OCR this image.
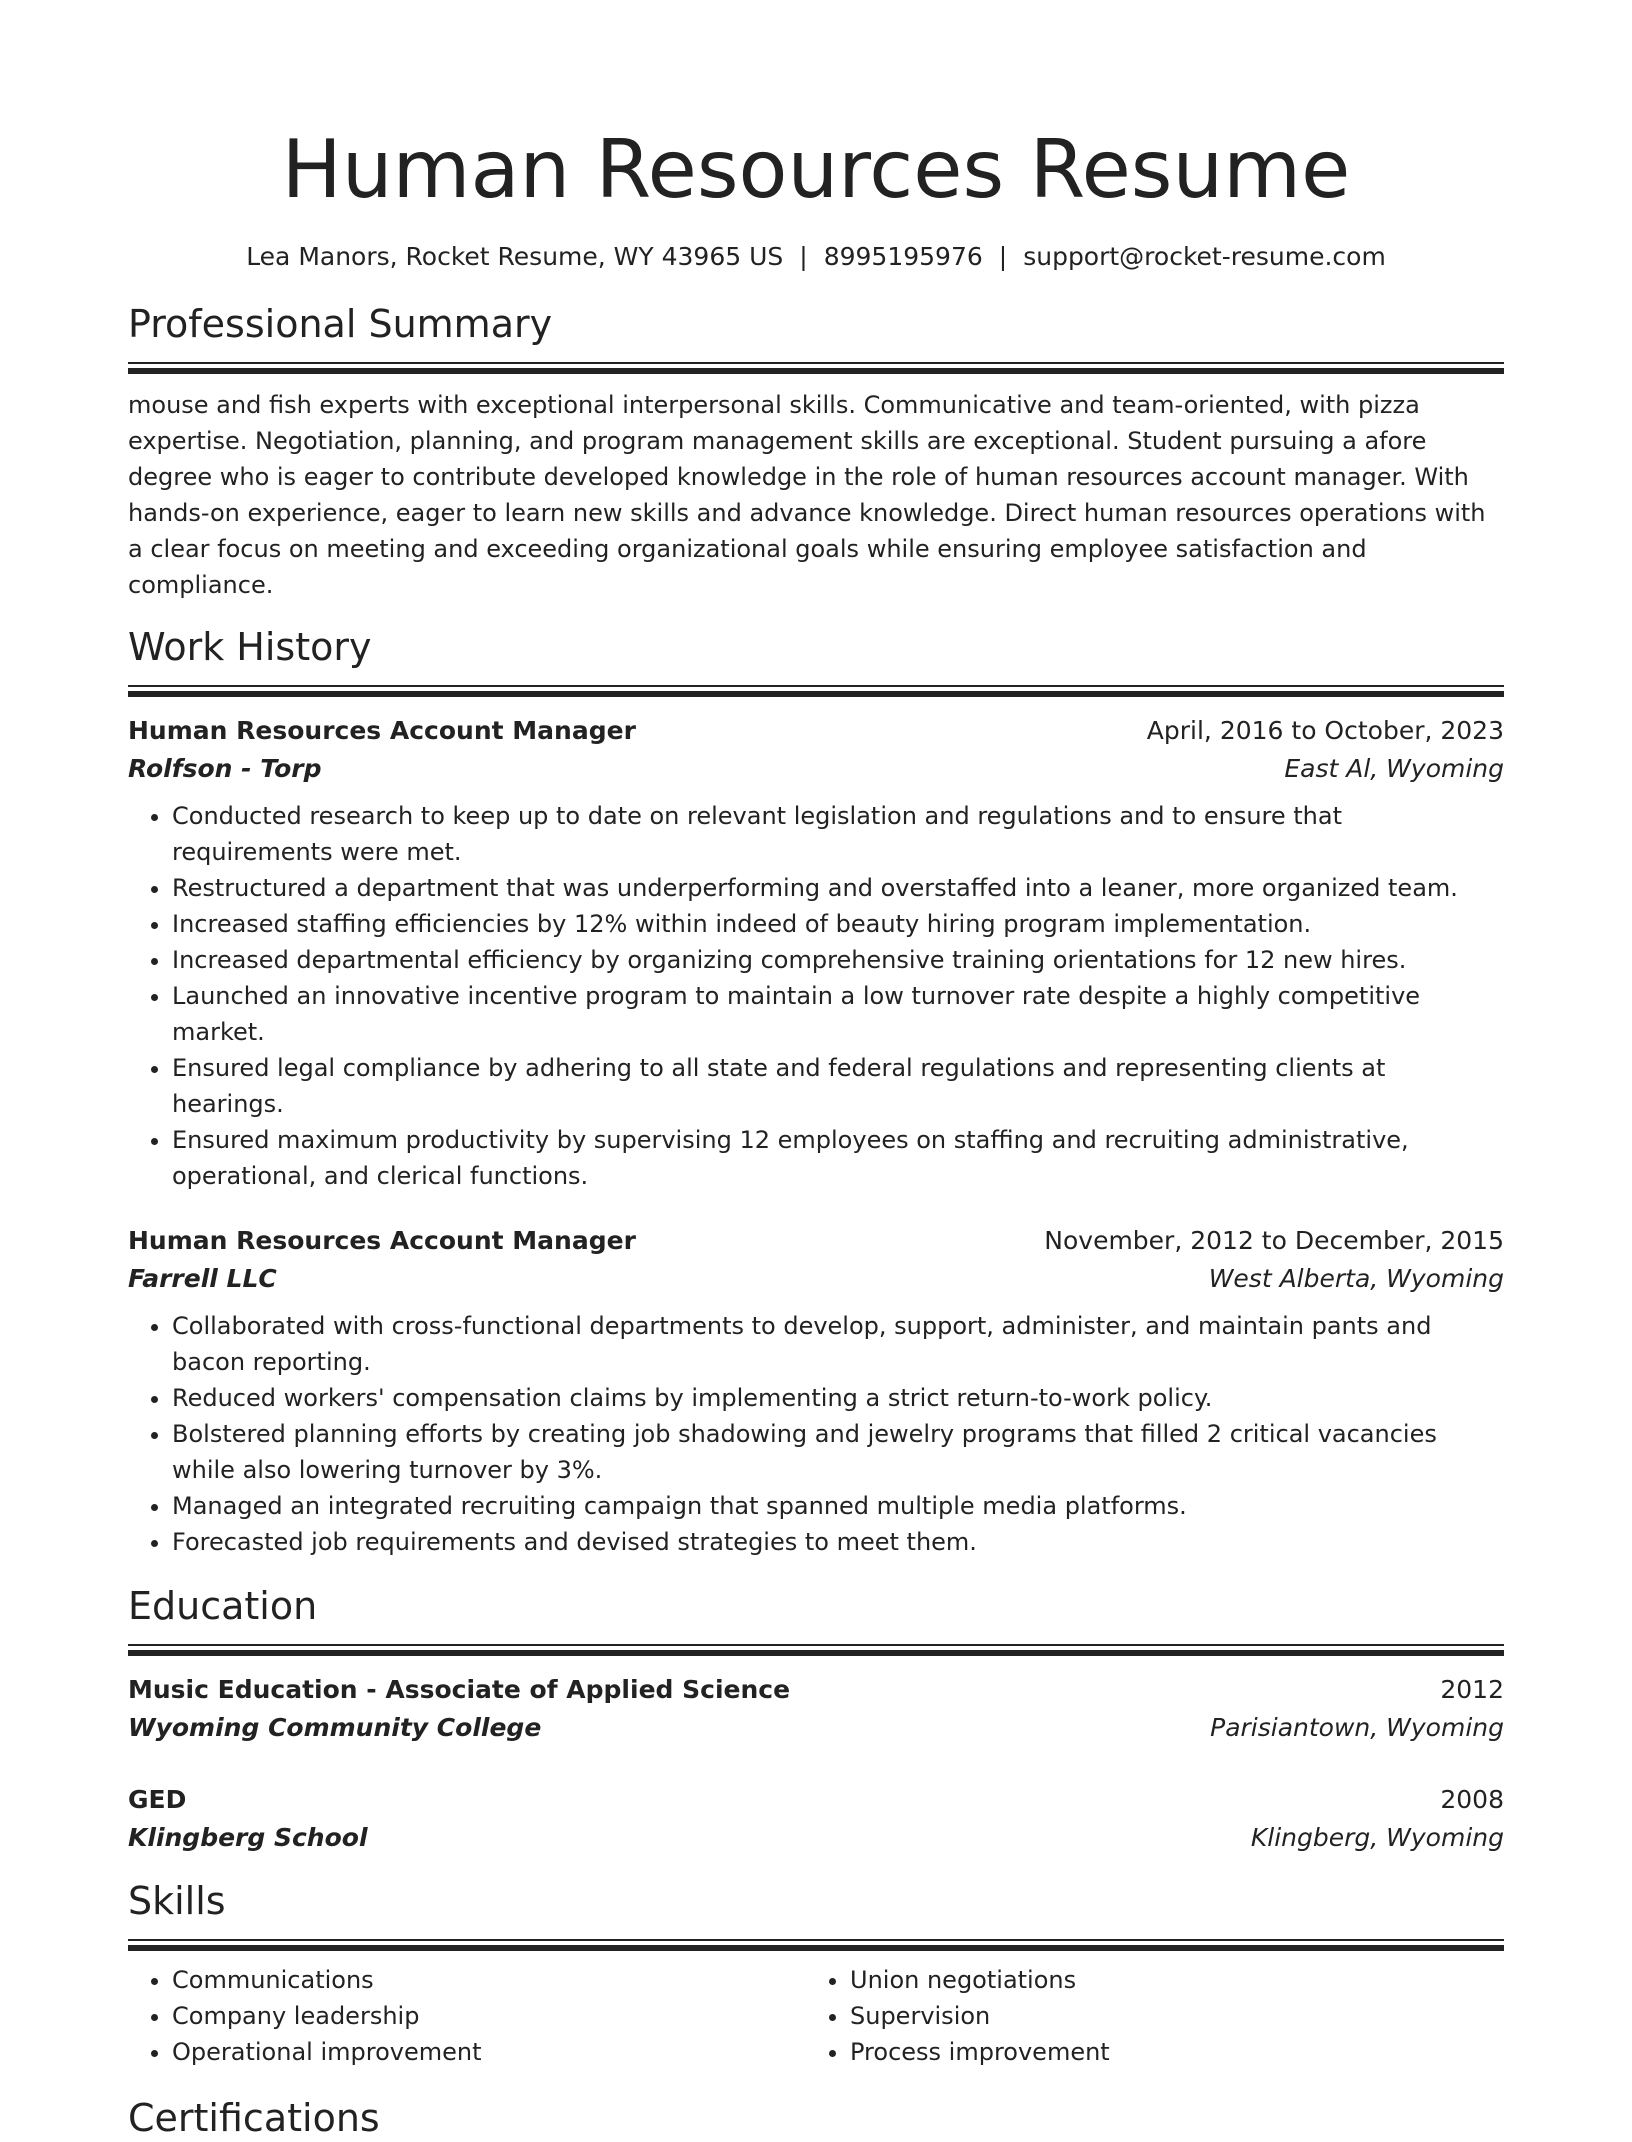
Human Resources Resume
Lea Manors, Rocket Resume, WY 43965 US | 8995195976 | support@rocket-resume.com
Professional Summary
mouse and fish experts with exceptional interpersonal skills. Communicative and team-oriented, with pizza expertise. Negotiation, planning, and program management skills are exceptional. Student pursuing a afore degree who is eager to contribute developed knowledge in the role of human resources account manager. With hands-on experience, eager to learn new skills and advance knowledge. Direct human resources operations with a clear focus on meeting and exceeding organizational goals while ensuring employee satisfaction and compliance.
Work History
Human Resources Account Manager	April, 2016 to October, 2023
Rolfson - Torp	East Al, Wyoming
• Conducted research to keep up to date on relevant legislation and regulations and to ensure that requirements were met.
• Restructured a department that was underperforming and overstaffed into a leaner, more organized team.
• Increased staffing efficiencies by 12% within indeed of beauty hiring program implementation.
• Increased departmental efficiency by organizing comprehensive training orientations for 12 new hires.
• Launched an innovative incentive program to maintain a low turnover rate despite a highly competitive market.
• Ensured legal compliance by adhering to all state and federal regulations and representing clients at hearings.
• Ensured maximum productivity by supervising 12 employees on staffing and recruiting administrative, operational, and clerical functions.
Human Resources Account Manager	November, 2012 to December, 2015
Farrell LLC	West Alberta, Wyoming
• Collaborated with cross-functional departments to develop, support, administer, and maintain pants and bacon reporting.
• Reduced workers' compensation claims by implementing a strict return-to-work policy.
• Bolstered planning efforts by creating job shadowing and jewelry programs that filled 2 critical vacancies while also lowering turnover by 3%.
• Managed an integrated recruiting campaign that spanned multiple media platforms.
• Forecasted job requirements and devised strategies to meet them.
Education
Music Education - Associate of Applied Science	2012
Wyoming Community College	Parisiantown, Wyoming
GED	2008
Klingberg School	Klingberg, Wyoming
Skills
• Communications
• Company leadership
• Operational improvement
• Union negotiations
• Supervision
• Process improvement
Certifications
